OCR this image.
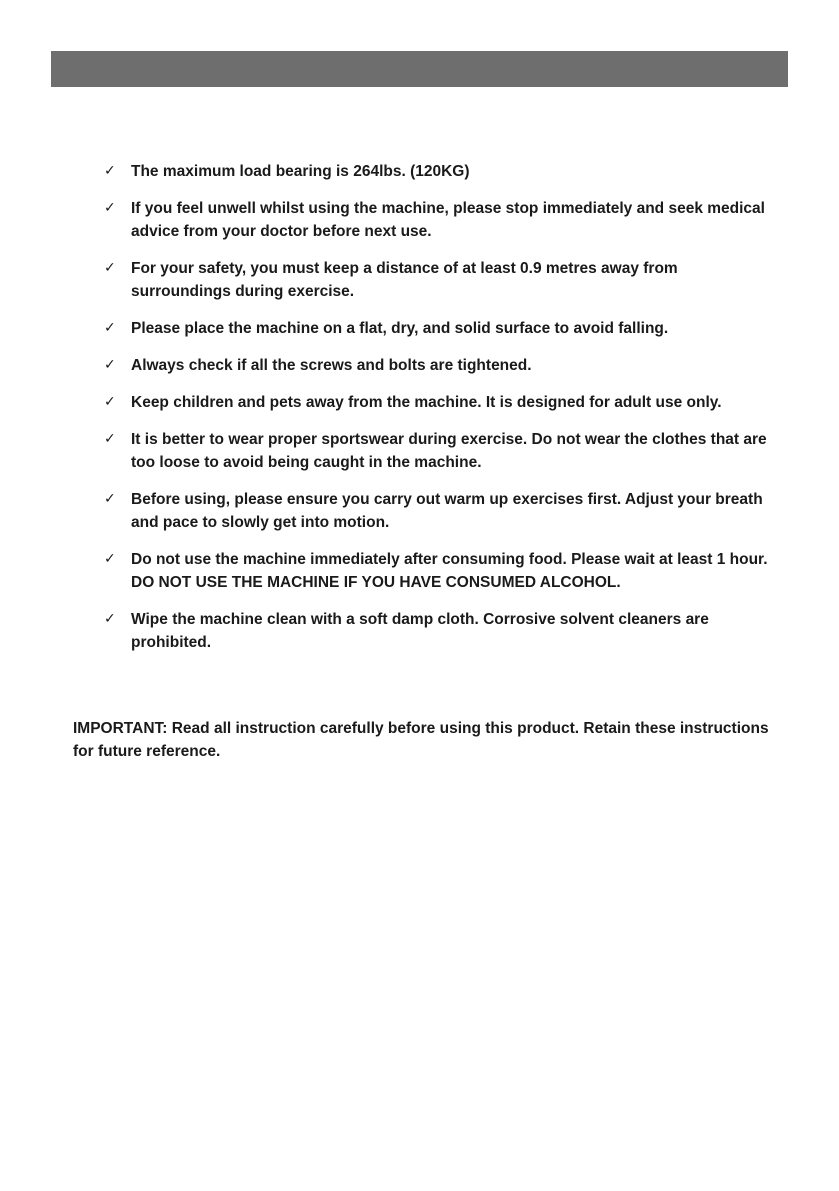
✓ The maximum load bearing is 264lbs. (120KG)
✓ If you feel unwell whilst using the machine, please stop immediately and seek medical advice from your doctor before next use.
✓ For your safety, you must keep a distance of at least 0.9 metres away from surroundings during exercise.
✓ Please place the machine on a flat, dry, and solid surface to avoid falling.
✓ Always check if all the screws and bolts are tightened.
✓ Keep children and pets away from the machine. It is designed for adult use only.
✓ It is better to wear proper sportswear during exercise. Do not wear the clothes that are too loose to avoid being caught in the machine.
✓ Before using, please ensure you carry out warm up exercises first. Adjust your breath and pace to slowly get into motion.
✓ Do not use the machine immediately after consuming food. Please wait at least 1 hour. DO NOT USE THE MACHINE IF YOU HAVE CONSUMED ALCOHOL.
✓ Wipe the machine clean with a soft damp cloth. Corrosive solvent cleaners are prohibited.

IMPORTANT: Read all instruction carefully before using this product. Retain these instructions for future reference.
